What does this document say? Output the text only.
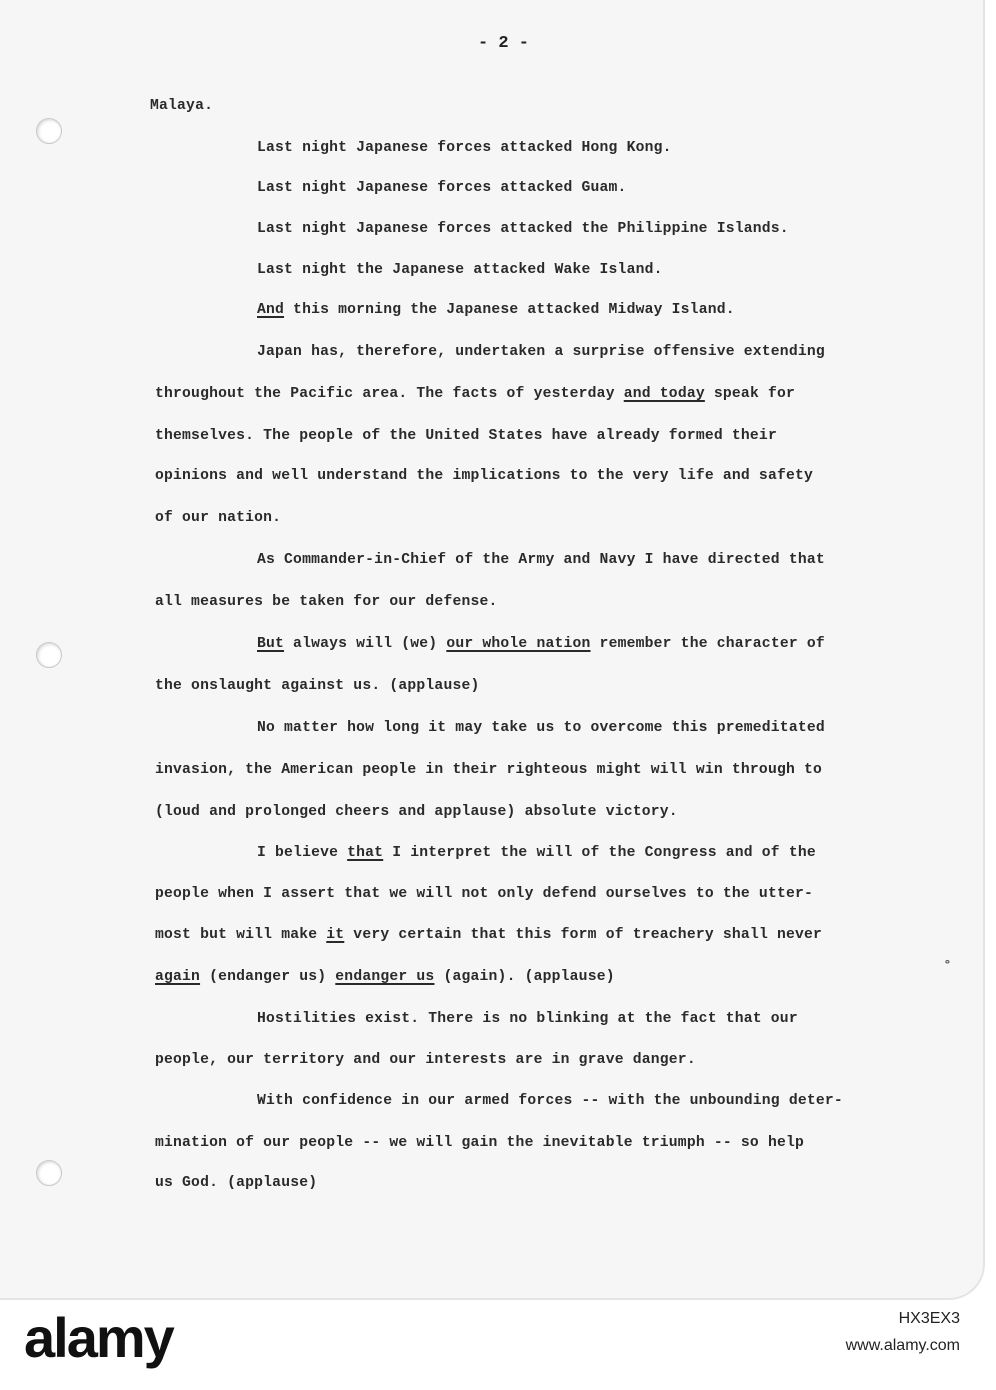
- 2 -
Malaya.
Last night Japanese forces attacked Hong Kong.
Last night Japanese forces attacked Guam.
Last night Japanese forces attacked the Philippine Islands.
Last night the Japanese attacked Wake Island.
And this morning the Japanese attacked Midway Island.
Japan has, therefore, undertaken a surprise offensive extending
throughout the Pacific area. The facts of yesterday and today speak for
themselves. The people of the United States have already formed their
opinions and well understand the implications to the very life and safety
of our nation.
As Commander-in-Chief of the Army and Navy I have directed that
all measures be taken for our defense.
But always will (we) our whole nation remember the character of
the onslaught against us. (applause)
No matter how long it may take us to overcome this premeditated
invasion, the American people in their righteous might will win through to
(loud and prolonged cheers and applause) absolute victory.
I believe that I interpret the will of the Congress and of the
people when I assert that we will not only defend ourselves to the utter-
most but will make it very certain that this form of treachery shall never
again (endanger us) endanger us (again). (applause)
Hostilities exist. There is no blinking at the fact that our
people, our territory and our interests are in grave danger.
With confidence in our armed forces -- with the unbounding deter-
mination of our people -- we will gain the inevitable triumph -- so help
us God. (applause)
˚
alamy	HX3EX3
www.alamy.com
